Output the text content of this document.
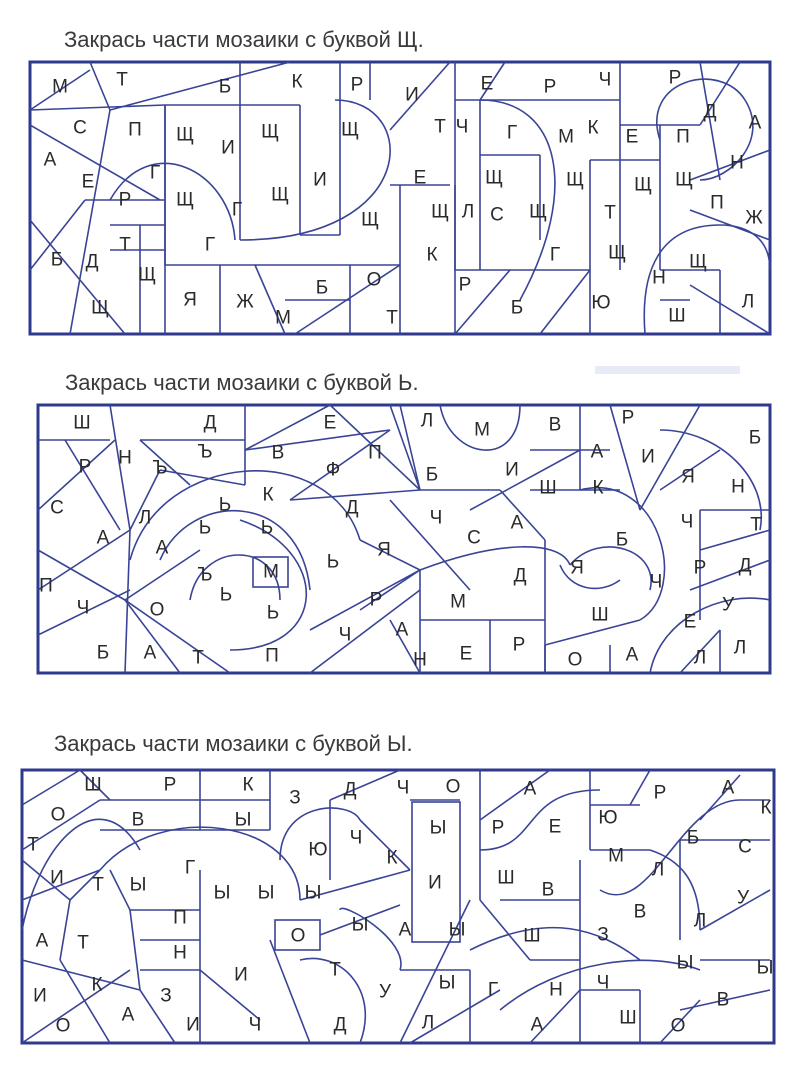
Закрась части мозаики с буквой Щ.
М	Т	Б	К	Р И
Е	Р Ч	Р
С П Щ
И
Щ	Щ	Т Ч Г М К Е П
Д
А
А
Е	Г
Р Щ Г
Щ
И	Е	Щ	Щ	Щ Щ
Н
С Щ	Т	П
Ж
Б Д
Т	Г
Щ	Щ Л
Г	Щ	Щ
Щ
К
Н
О
Щ	Я Ж
Б
М	Т
Р
Б	Ю
Ш
Л
Закрась части мозаики с буквой Ь.
Ш	Д	Е	Л М	В	Р
Б
Р Н Ъ
Ъ	В	П
Б	И
А И
Я Н
Ф
Ш К
С	Л
Ь К
Д	Ч	А	Ч	Т
А А
Ь	Ь
Я
С	Б
Д
П
Ъ	М	Ь
Д Я
Ч
Р
Ч	О
Ь
Ь
Р	М
Ш	У
Ч А	Е
Л
Б А Т	П	Н Е Р
О А	Л
Закрась части мозаики с буквой Ы.
Ш	Р	К
З Д Ч О	А	Р	А
К
О	В	Ы	Ы Р Е Ю
Т	Ю
Ч	Б С
К	М
Л
И Т Ы
Г	Ш
И
Ы Ы Ы	В	У
П	В Л
А Т	О
Ы А Ы	Ш	З
Н	Ы	Ы
И	Т
И
К
З	У	Ы Г	Н Ч
В
А	И	Ч	Д	Л	А	Ш О
О
